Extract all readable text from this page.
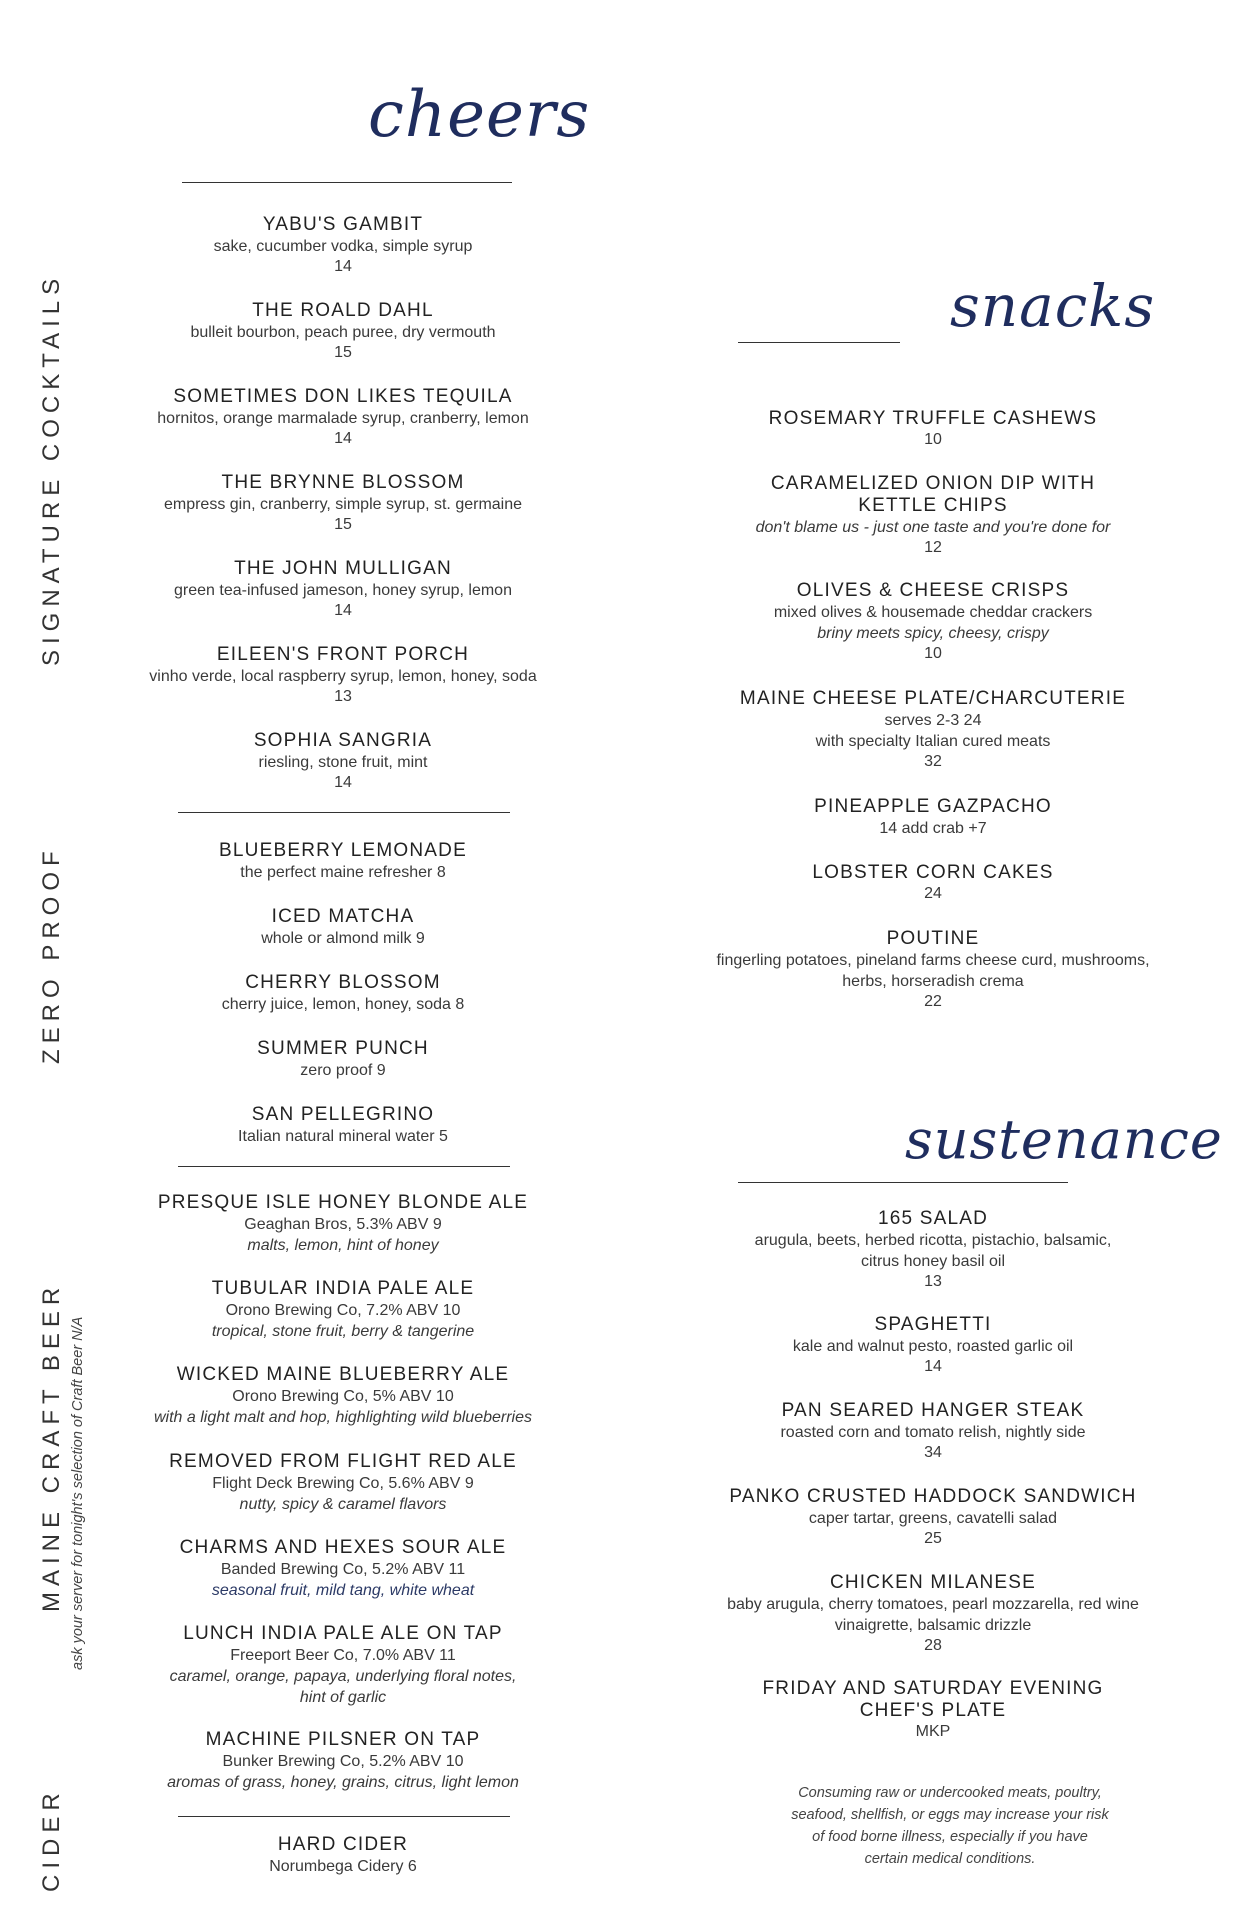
cheers
snacks
sustenance
SIGNATURE COCKTAILS
ZERO PROOF
MAINE CRAFT BEER ask your server for tonight's selection of Craft Beer N/A
CIDER
YABU'S GAMBIT
sake, cucumber vodka, simple syrup
14
THE ROALD DAHL
bulleit bourbon, peach puree, dry vermouth
15
SOMETIMES DON LIKES TEQUILA
hornitos, orange marmalade syrup, cranberry, lemon
14
THE BRYNNE BLOSSOM
empress gin, cranberry, simple syrup, st. germaine
15
THE JOHN MULLIGAN
green tea-infused jameson, honey syrup, lemon
14
EILEEN'S FRONT PORCH
vinho verde, local raspberry syrup, lemon, honey, soda
13
SOPHIA SANGRIA
riesling, stone fruit, mint
14
BLUEBERRY LEMONADE
the perfect maine refresher 8
ICED MATCHA
whole or almond milk 9
CHERRY BLOSSOM
cherry juice, lemon, honey, soda 8
SUMMER PUNCH
zero proof 9
SAN PELLEGRINO
Italian natural mineral water 5
PRESQUE ISLE HONEY BLONDE ALE
Geaghan Bros, 5.3% ABV 9
malts, lemon, hint of honey
TUBULAR INDIA PALE ALE
Orono Brewing Co, 7.2% ABV 10
tropical, stone fruit, berry & tangerine
WICKED MAINE BLUEBERRY ALE
Orono Brewing Co, 5% ABV 10
with a light malt and hop, highlighting wild blueberries
REMOVED FROM FLIGHT RED ALE
Flight Deck Brewing Co, 5.6% ABV 9
nutty, spicy & caramel flavors
CHARMS AND HEXES SOUR ALE
Banded Brewing Co, 5.2% ABV 11
seasonal fruit, mild tang, white wheat
LUNCH INDIA PALE ALE ON TAP
Freeport Beer Co, 7.0% ABV 11
caramel, orange, papaya, underlying floral notes,
hint of garlic
MACHINE PILSNER ON TAP
Bunker Brewing Co, 5.2% ABV 10
aromas of grass, honey, grains, citrus, light lemon
HARD CIDER
Norumbega Cidery 6
ROSEMARY TRUFFLE CASHEWS
10
CARAMELIZED ONION DIP WITH
KETTLE CHIPS
don't blame us - just one taste and you're done for
12
OLIVES & CHEESE CRISPS
mixed olives & housemade cheddar crackers
briny meets spicy, cheesy, crispy
10
MAINE CHEESE PLATE/CHARCUTERIE
serves 2-3 24
with specialty Italian cured meats
32
PINEAPPLE GAZPACHO
14 add crab +7
LOBSTER CORN CAKES
24
POUTINE
fingerling potatoes, pineland farms cheese curd, mushrooms,
herbs, horseradish crema
22
165 SALAD
arugula, beets, herbed ricotta, pistachio, balsamic,
citrus honey basil oil
13
SPAGHETTI
kale and walnut pesto, roasted garlic oil
14
PAN SEARED HANGER STEAK
roasted corn and tomato relish, nightly side
34
PANKO CRUSTED HADDOCK SANDWICH
caper tartar, greens, cavatelli salad
25
CHICKEN MILANESE
baby arugula, cherry tomatoes, pearl mozzarella, red wine
vinaigrette, balsamic drizzle
28
FRIDAY AND SATURDAY EVENING
CHEF'S PLATE
MKP
Consuming raw or undercooked meats, poultry,
seafood, shellfish, or eggs may increase your risk
of food borne illness, especially if you have
certain medical conditions.
